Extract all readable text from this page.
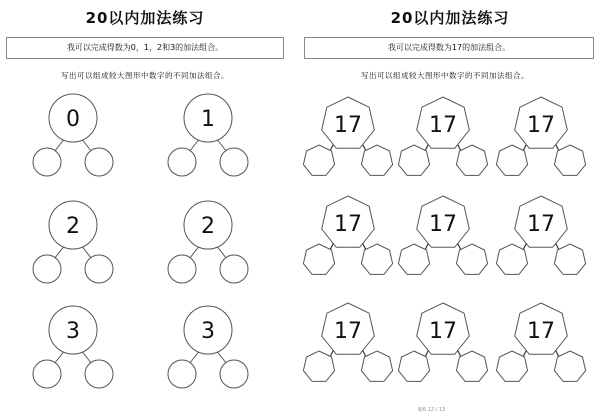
20以内加法练习
我可以完成得数为0，1，2和3的加法组合。
写出可以组成较大图形中数字的不同加法组合。
0	1
2	2
3	3
20以内加法练习
我可以完成得数为17的加法组合。
写出可以组成较大图形中数字的不同加法组合。
17	17	17
17	17	17
17	17	17
8/6 12 / 13
